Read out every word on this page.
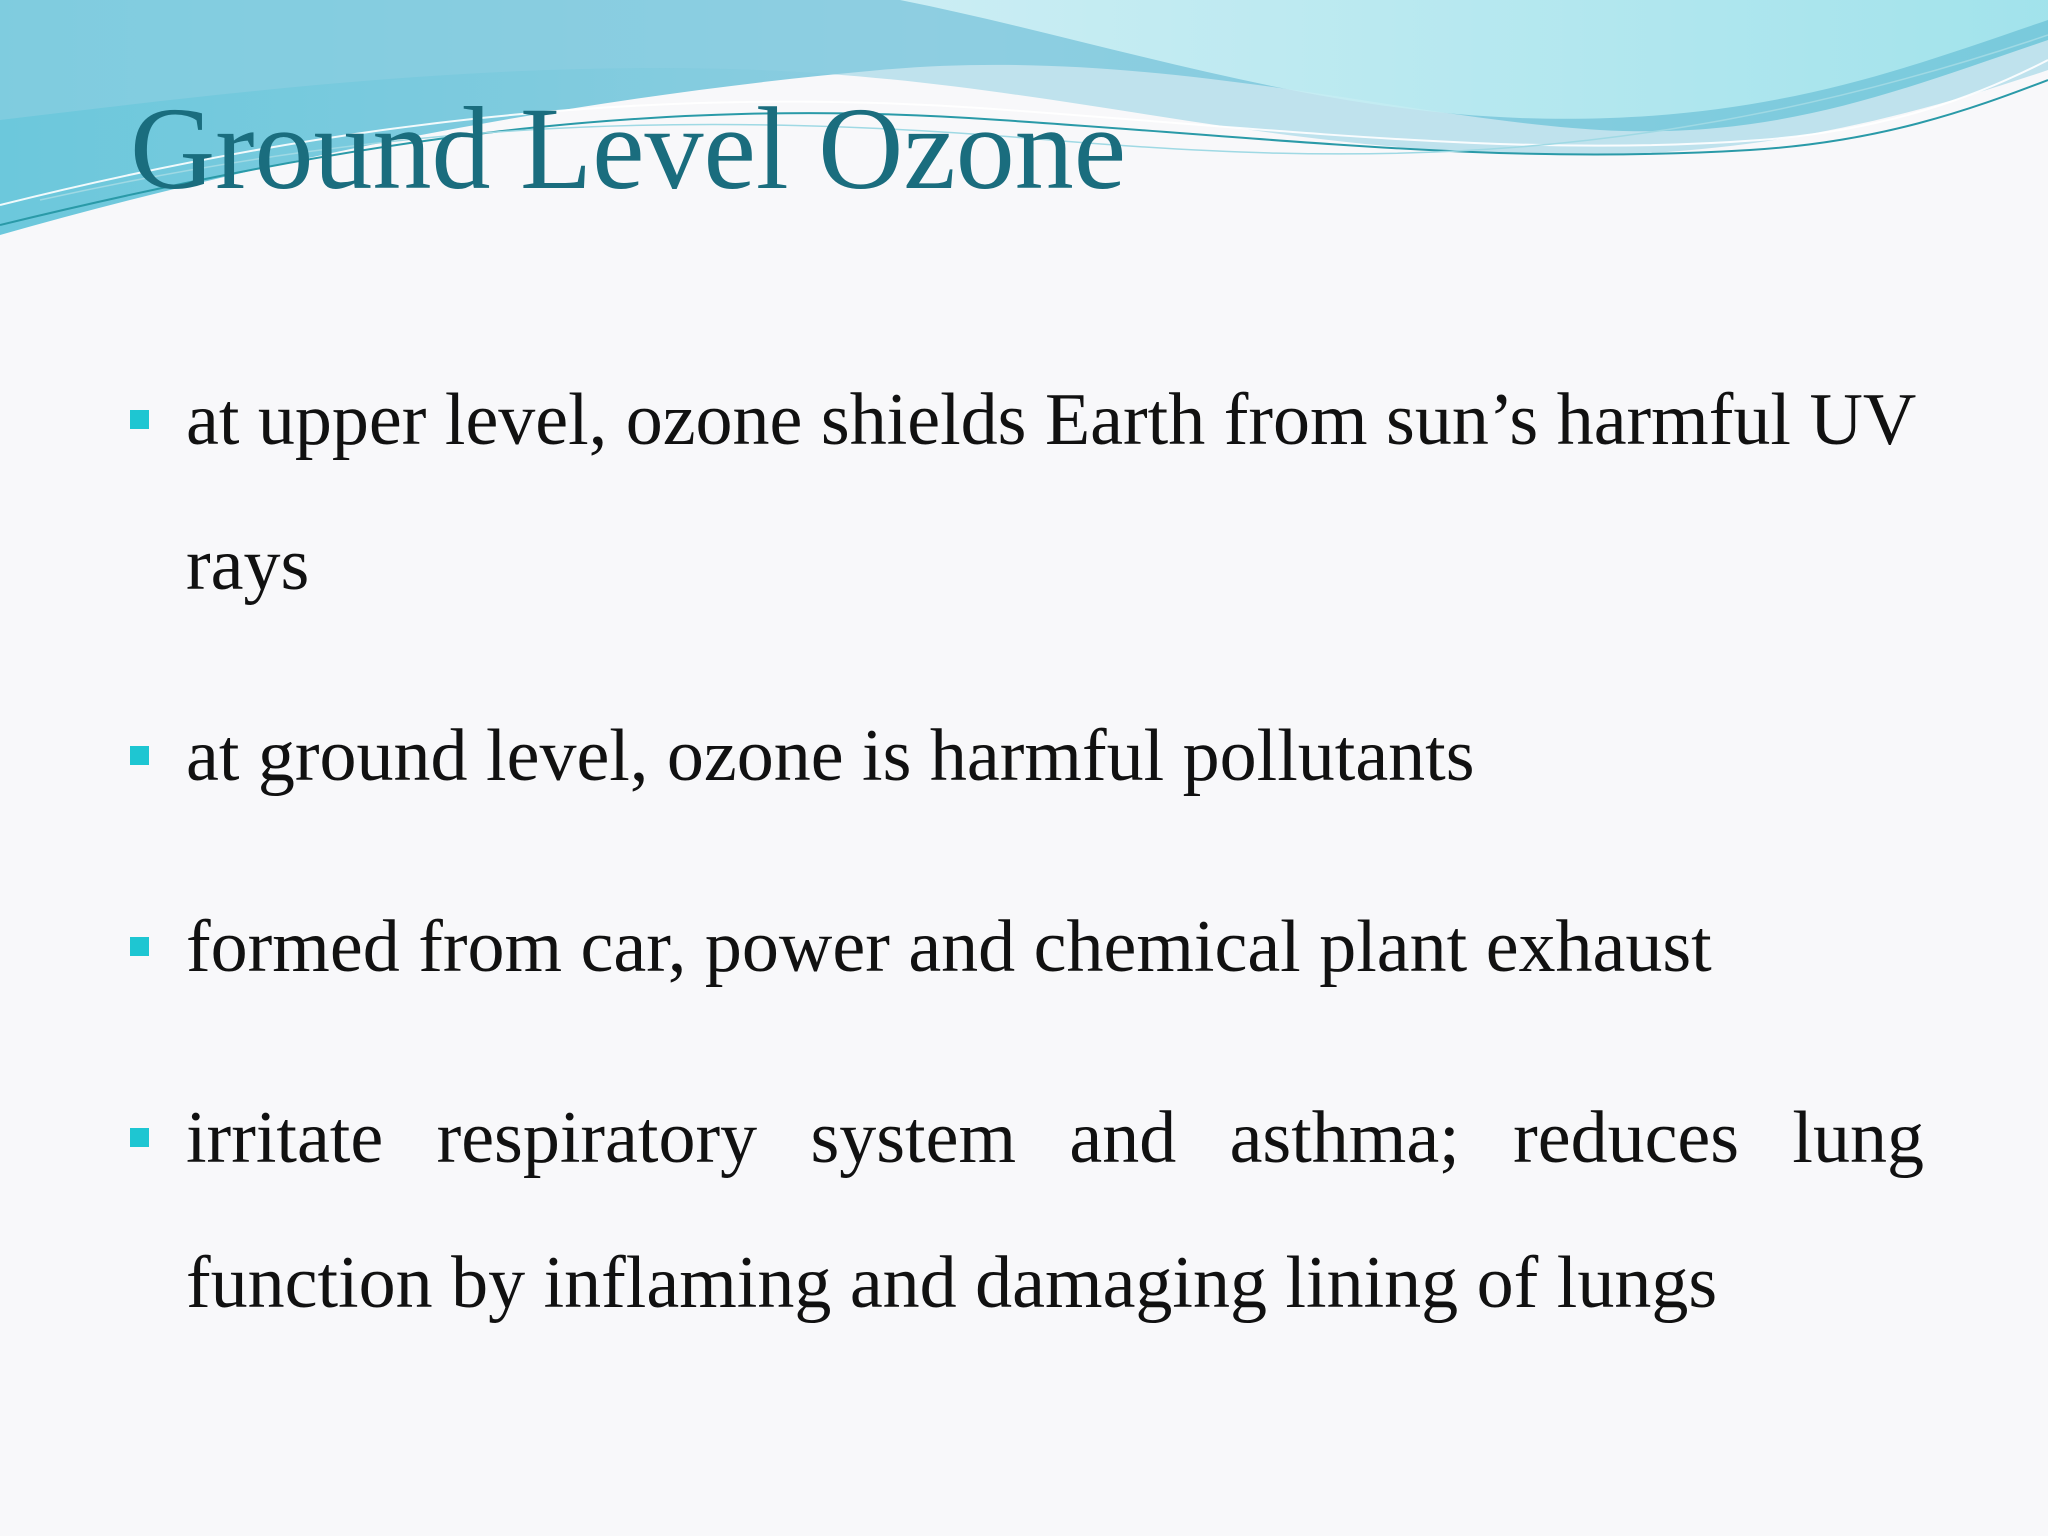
Ground Level Ozone
at upper level, ozone shields Earth from sun’s harmful UV rays
at ground level, ozone is harmful pollutants
formed from car, power and chemical plant exhaust
irritate respiratory system and asthma; reduces lung function by inflaming and damaging lining of lungs
